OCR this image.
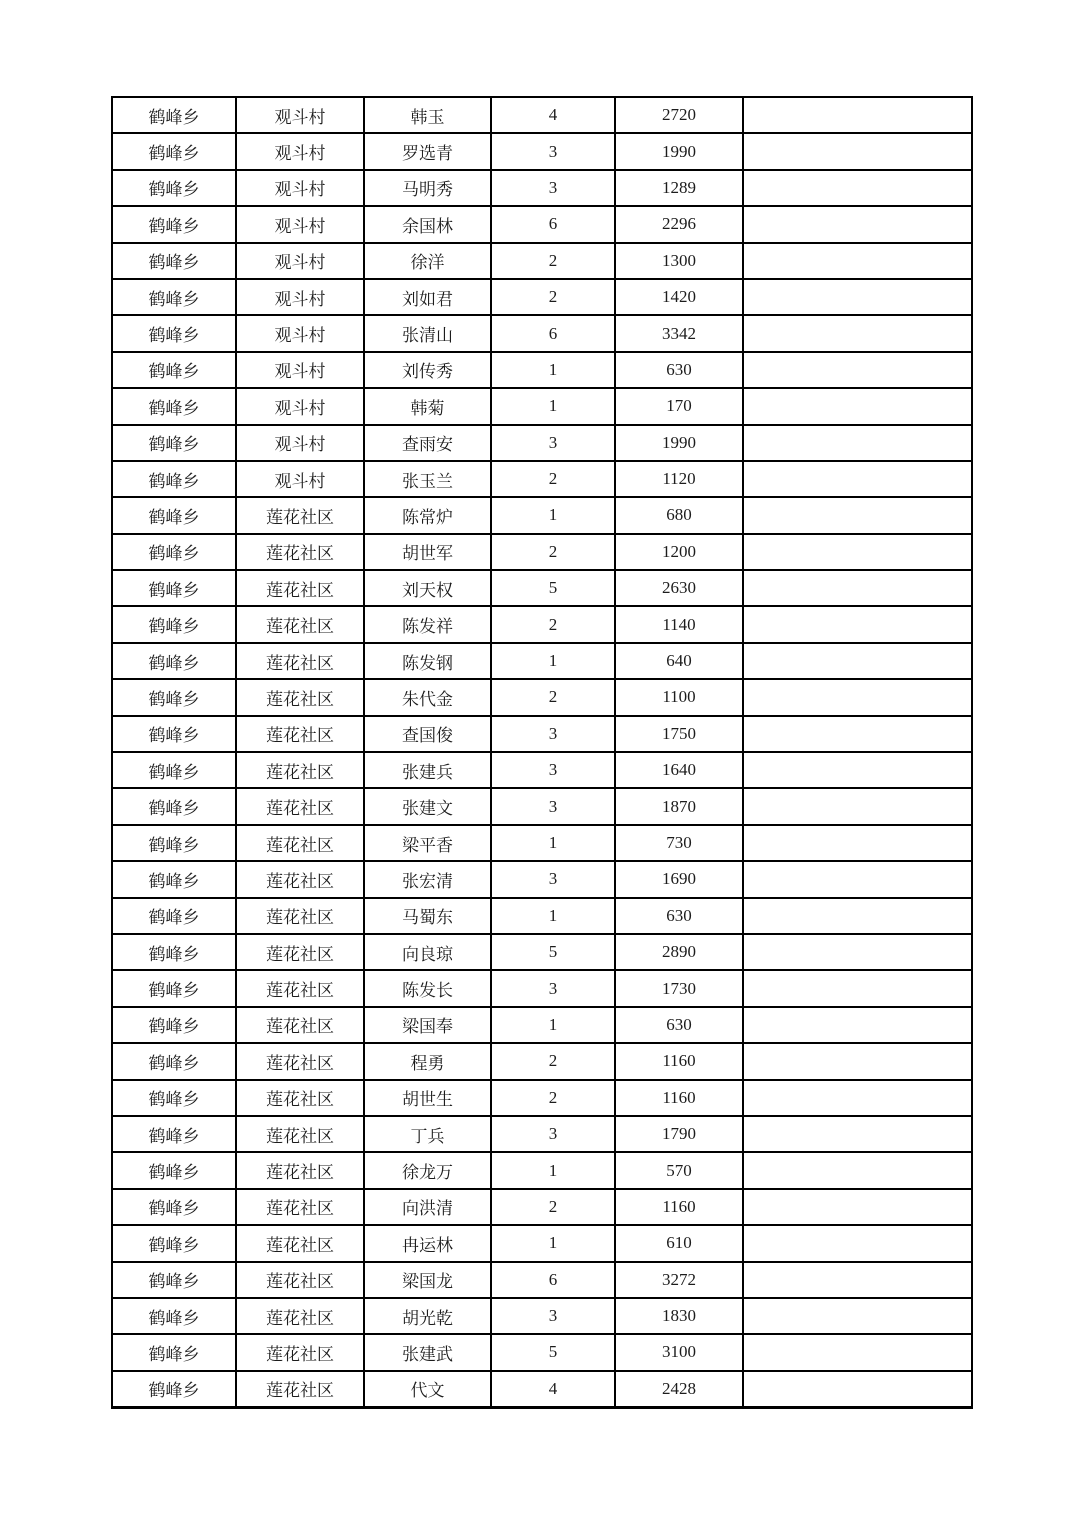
鹤峰乡	观斗村	韩玉	4	2720	
鹤峰乡	观斗村	罗选青	3	1990	
鹤峰乡	观斗村	马明秀	3	1289	
鹤峰乡	观斗村	余国林	6	2296	
鹤峰乡	观斗村	徐洋	2	1300	
鹤峰乡	观斗村	刘如君	2	1420	
鹤峰乡	观斗村	张清山	6	3342	
鹤峰乡	观斗村	刘传秀	1	630	
鹤峰乡	观斗村	韩菊	1	170	
鹤峰乡	观斗村	查雨安	3	1990	
鹤峰乡	观斗村	张玉兰	2	1120	
鹤峰乡	莲花社区	陈常炉	1	680	
鹤峰乡	莲花社区	胡世军	2	1200	
鹤峰乡	莲花社区	刘天权	5	2630	
鹤峰乡	莲花社区	陈发祥	2	1140	
鹤峰乡	莲花社区	陈发钢	1	640	
鹤峰乡	莲花社区	朱代金	2	1100	
鹤峰乡	莲花社区	查国俊	3	1750	
鹤峰乡	莲花社区	张建兵	3	1640	
鹤峰乡	莲花社区	张建文	3	1870	
鹤峰乡	莲花社区	梁平香	1	730	
鹤峰乡	莲花社区	张宏清	3	1690	
鹤峰乡	莲花社区	马蜀东	1	630	
鹤峰乡	莲花社区	向良琼	5	2890	
鹤峰乡	莲花社区	陈发长	3	1730	
鹤峰乡	莲花社区	梁国奉	1	630	
鹤峰乡	莲花社区	程勇	2	1160	
鹤峰乡	莲花社区	胡世生	2	1160	
鹤峰乡	莲花社区	丁兵	3	1790	
鹤峰乡	莲花社区	徐龙万	1	570	
鹤峰乡	莲花社区	向洪清	2	1160	
鹤峰乡	莲花社区	冉运林	1	610	
鹤峰乡	莲花社区	梁国龙	6	3272	
鹤峰乡	莲花社区	胡光乾	3	1830	
鹤峰乡	莲花社区	张建武	5	3100	
鹤峰乡	莲花社区	代文	4	2428	
